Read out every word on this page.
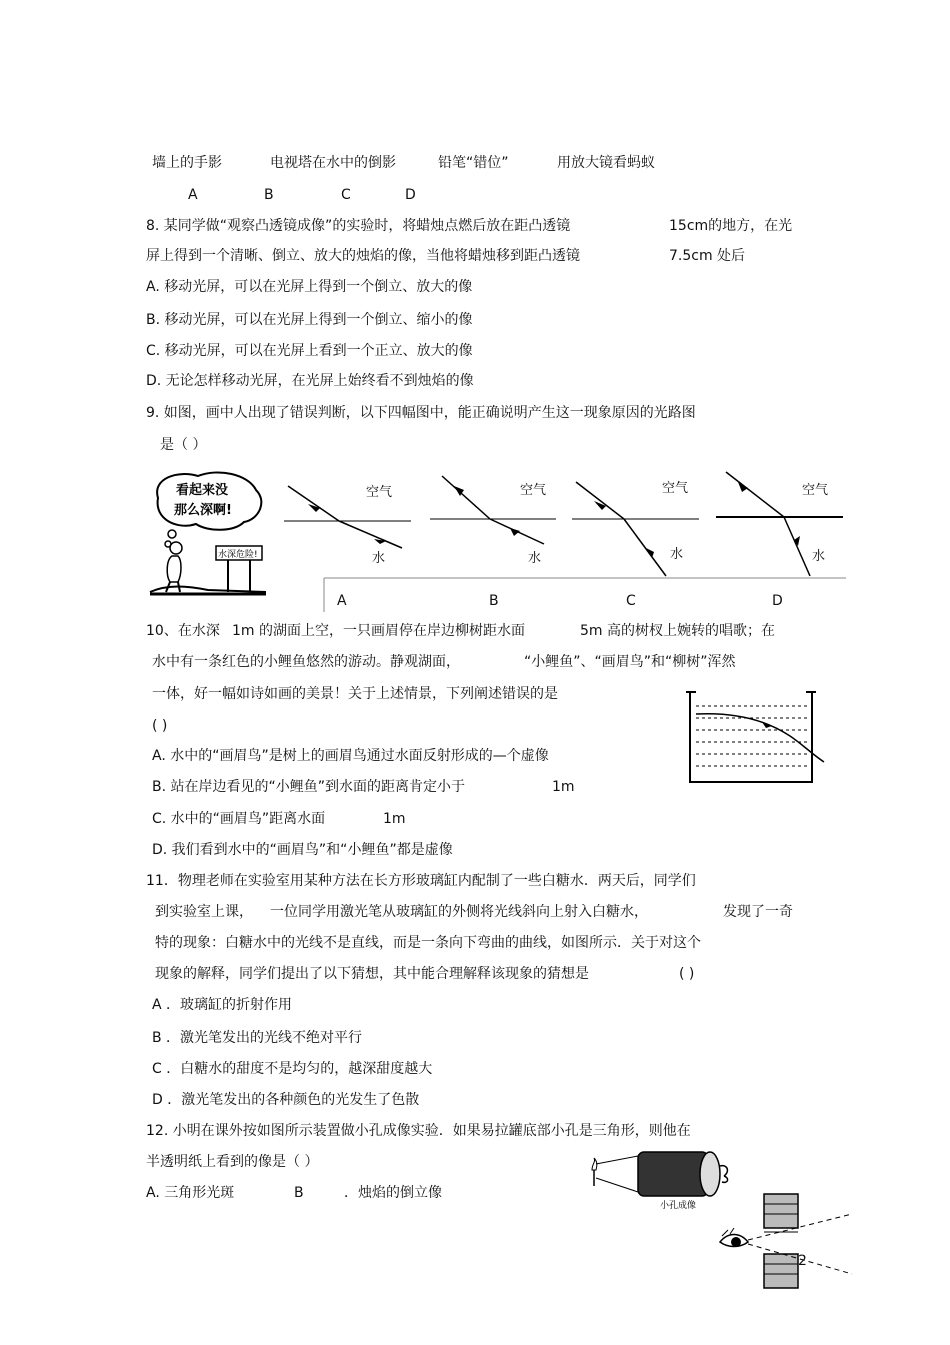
墙上的手影	电视塔在水中的倒影	铅笔“错位”	用放大镜看蚂蚁
A	B	C	D
8. 某同学做“观察凸透镜成像”的实验时，将蜡烛点燃后放在距凸透镜	15cm的地方，在光
屏上得到一个清晰、倒立、放大的烛焰的像，当他将蜡烛移到距凸透镜	7.5cm 处后
A. 移动光屏，可以在光屏上得到一个倒立、放大的像
B. 移动光屏，可以在光屏上得到一个倒立、缩小的像
C. 移动光屏，可以在光屏上看到一个正立、放大的像
D. 无论怎样移动光屏，在光屏上始终看不到烛焰的像
9. 如图，画中人出现了错误判断，以下四幅图中，能正确说明产生这一现象原因的光路图
是（ ）
看起来没
那么深啊!
水深危险!
空气
水
空气
水
空气
水
空气
水
A	B	C	D
10、在水深 1m 的湖面上空，一只画眉停在岸边柳树距水面	5m 高的树杈上婉转的唱歌；在
水中有一条红色的小鲤鱼悠然的游动。静观湖面，	“小鲤鱼”、“画眉鸟”和“柳树”浑然
一体，好一幅如诗如画的美景！关于上述情景，下列阐述错误的是
( )
A. 水中的“画眉鸟”是树上的画眉鸟通过水面反射形成的—个虚像
B. 站在岸边看见的“小鲤鱼”到水面的距离肯定小于	1m
C. 水中的“画眉鸟”距离水面	1m
D. 我们看到水中的“画眉鸟”和“小鲤鱼”都是虚像
11．物理老师在实验室用某种方法在长方形玻璃缸内配制了一些白糖水．两天后，同学们
到实验室上课， 一位同学用激光笔从玻璃缸的外侧将光线斜向上射入白糖水，	发现了一奇
特的现象：白糖水中的光线不是直线，而是一条向下弯曲的曲线，如图所示．关于对这个
现象的解释，同学们提出了以下猜想，其中能合理解释该现象的猜想是	( )
A ．玻璃缸的折射作用
B ．激光笔发出的光线不绝对平行
C ．白糖水的甜度不是均匀的，越深甜度越大
D ．激光笔发出的各种颜色的光发生了色散
12. 小明在课外按如图所示装置做小孔成像实验．如果易拉罐底部小孔是三角形，则他在
半透明纸上看到的像是（ ）
A. 三角形光斑	B	．烛焰的倒立像
小孔成像
2
